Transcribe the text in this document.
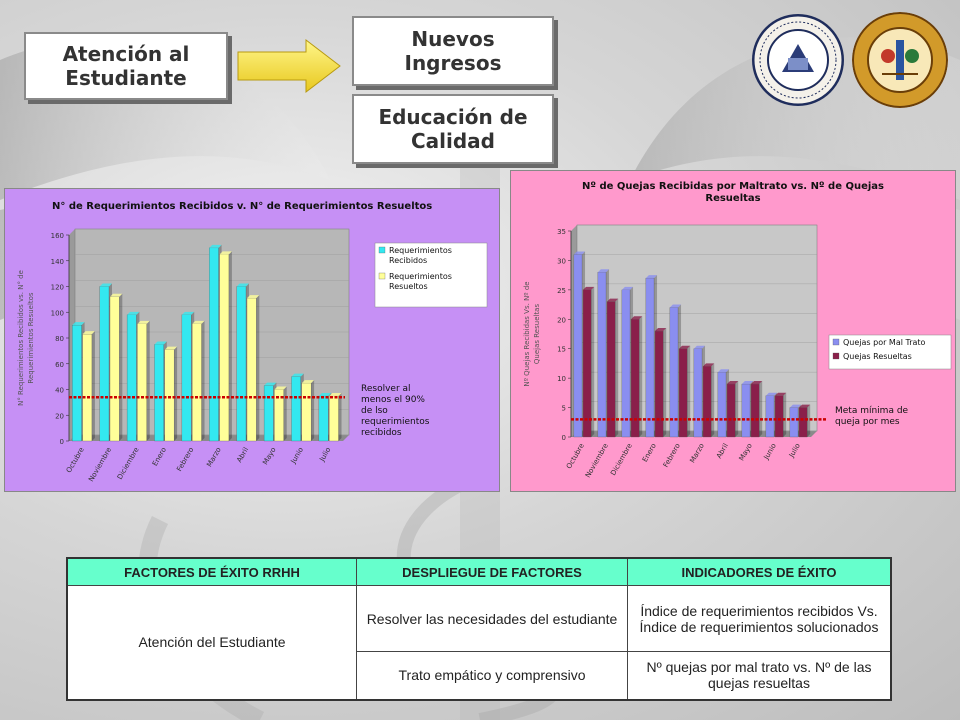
Atención al Estudiante
Nuevos Ingresos
Educación de Calidad
N° de Requerimientos Recibidos v. N° de Requerimientos Resueltos
0
20
40
60
80
100
120
140
160
N° Requerimientos Recibidos vs. N° de Requerimientos Resueltos
Octubre Noviembre Diciembre Enero Febrero Marzo Abril Mayo Junio Julio
Resolver al
menos el 90%
de lso
requerimientos
recibidos
Requerimientos
Recibidos
Requerimientos
Resueltos
Nº de Quejas Recibidas por Maltrato vs. Nº de Quejas
Resueltas
0
5
10
15
20
25
30
35
Nº Quejas Recibidas Vs. Nº de Quejas Resueltas
Octubre
Noviembre Diciembre Enero Febrero Marzo Abril Mayo Junio Julio
Meta mínima de
queja por mes
Quejas por Mal Trato
Quejas Resueltas
FACTORES DE ÉXITO RRHH	DESPLIEGUE DE FACTORES	INDICADORES DE ÉXITO
Atención del Estudiante	Resolver las necesidades del estudiante	Índice de requerimientos recibidos Vs. Índice de requerimientos solucionados
	Trato empático y comprensivo	Nº quejas por mal trato vs. Nº de las quejas resueltas
